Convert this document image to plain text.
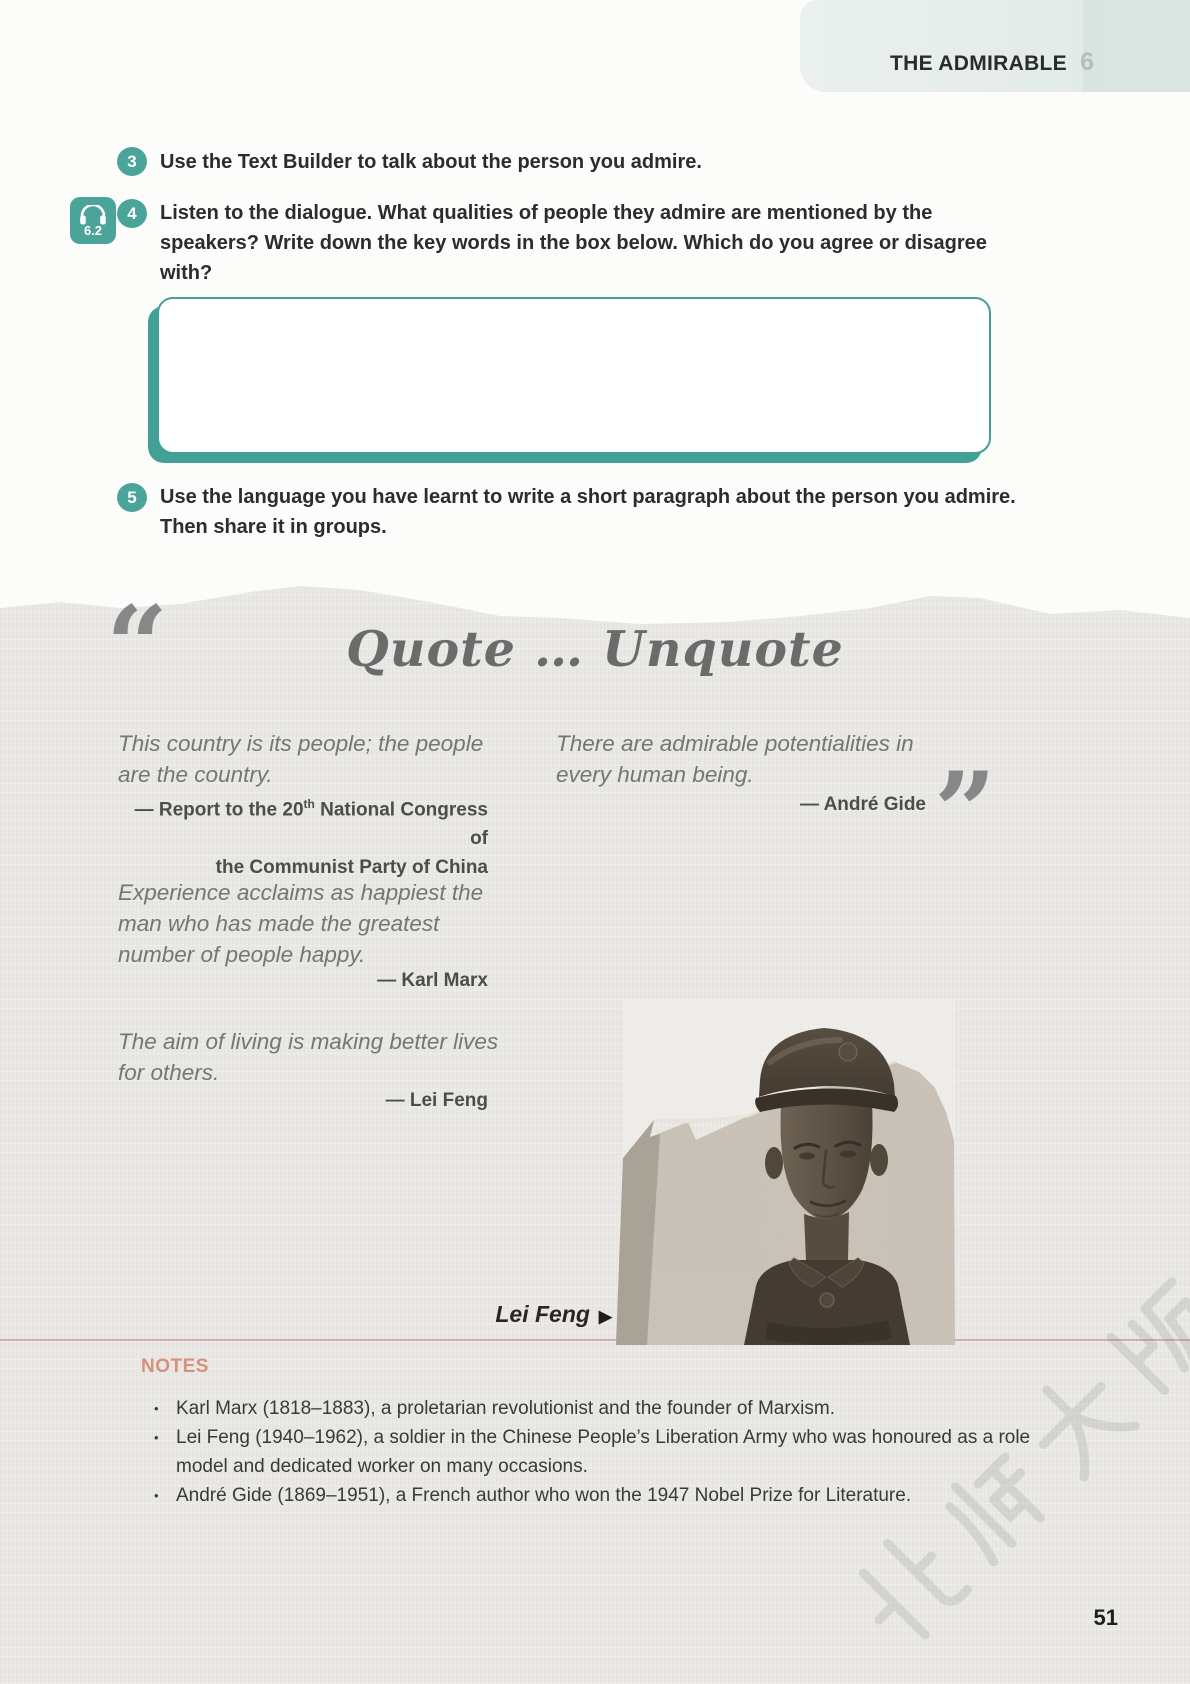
THE ADMIRABLE 6
3	Use the Text Builder to talk about the person you admire.
6.2
4	Listen to the dialogue. What qualities of people they admire are mentioned by the speakers? Write down the key words in the box below. Which do you agree or disagree with?
5	Use the language you have learnt to write a short paragraph about the person you admire. Then share it in groups.
“	Quote … Unquote
This country is its people; the people are the country.
— Report to the 20th National Congress of
the Communist Party of China
Experience acclaims as happiest the man who has made the greatest number of people happy.
— Karl Marx
The aim of living is making better lives for others.
— Lei Feng
There are admirable potentialities in every human being.
— André Gide ”
Lei Feng ▶
NOTES
• Karl Marx (1818–1883), a proletarian revolutionist and the founder of Marxism.
• Lei Feng (1940–1962), a soldier in the Chinese People’s Liberation Army who was honoured as a role model and dedicated worker on many occasions.
• André Gide (1869–1951), a French author who won the 1947 Nobel Prize for Literature.
51
